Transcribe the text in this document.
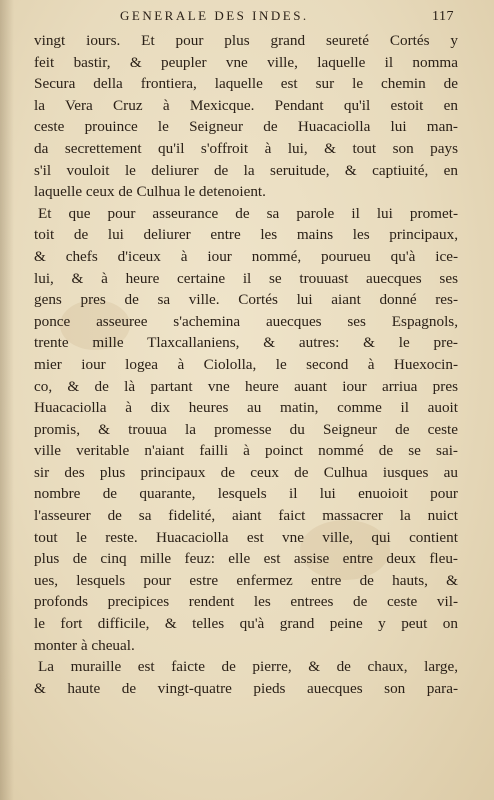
GENERALE DES INDES.	117
vingt iours. Et pour plus grand seureté Cortés y
feit bastir, & peupler vne ville, laquelle il nomma
Secura della frontiera, laquelle est sur le chemin de
la Vera Cruz à Mexicque. Pendant qu'il estoit en
ceste prouince le Seigneur de Huacaciolla lui man-
da secrettement qu'il s'offroit à lui, & tout son pays
s'il vouloit le deliurer de la seruitude, & captiuité, en
laquelle ceux de Culhua le detenoient.
Et que pour asseurance de sa parole il lui promet-
toit de lui deliurer entre les mains les principaux,
& chefs d'iceux à iour nommé, pourueu qu'à ice-
lui, & à heure certaine il se trouuast auecques ses
gens pres de sa ville. Cortés lui aiant donné res-
ponce asseuree s'achemina auecques ses Espagnols,
trente mille Tlaxcallaniens, & autres: & le pre-
mier iour logea à Ciololla, le second à Huexocin-
co, & de là partant vne heure auant iour arriua pres
Huacaciolla à dix heures au matin, comme il auoit
promis, & trouua la promesse du Seigneur de ceste
ville veritable n'aiant failli à poinct nommé de se sai-
sir des plus principaux de ceux de Culhua iusques au
nombre de quarante, lesquels il lui enuoioit pour
l'asseurer de sa fidelité, aiant faict massacrer la nuict
tout le reste. Huacaciolla est vne ville, qui contient
plus de cinq mille feuz: elle est assise entre deux fleu-
ues, lesquels pour estre enfermez entre de hauts, &
profonds precipices rendent les entrees de ceste vil-
le fort difficile, & telles qu'à grand peine y peut on
monter à cheual.
La muraille est faicte de pierre, & de chaux, large,
& haute de vingt-quatre pieds auecques son para-
